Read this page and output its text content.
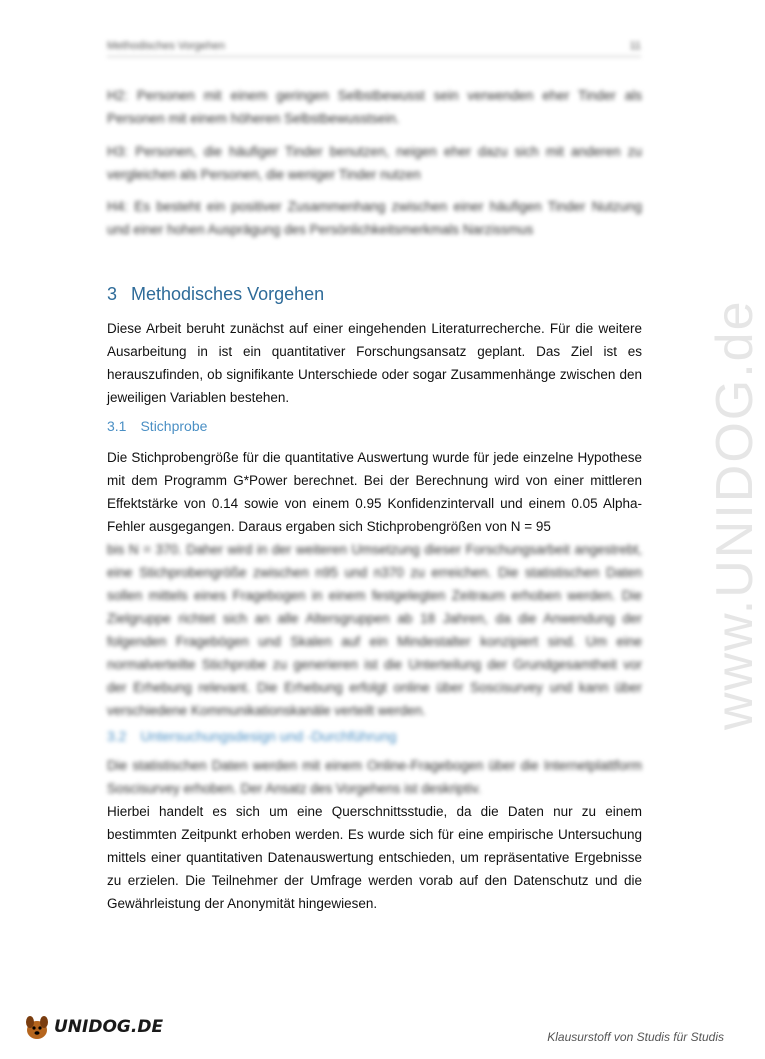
Methodisches Vorgehen	11
H2: Personen mit einem geringen Selbstbewusst sein verwenden eher Tinder als Personen mit einem höheren Selbstbewusstsein.
H3: Personen, die häufiger Tinder benutzen, neigen eher dazu sich mit anderen zu vergleichen als Personen, die weniger Tinder nutzen
H4: Es besteht ein positiver Zusammenhang zwischen einer häufigen Tinder Nutzung und einer hohen Ausprägung des Persönlichkeitsmerkmals Narzissmus
3 Methodisches Vorgehen
Diese Arbeit beruht zunächst auf einer eingehenden Literaturrecherche. Für die weitere Ausarbeitung in ist ein quantitativer Forschungsansatz geplant. Das Ziel ist es herauszufinden, ob signifikante Unterschiede oder sogar Zusammenhänge zwischen den jeweiligen Variablen bestehen.
3.1 Stichprobe
Die Stichprobengröße für die quantitative Auswertung wurde für jede einzelne Hypothese mit dem Programm G*Power berechnet. Bei der Berechnung wird von einer mittleren Effektstärke von 0.14 sowie von einem 0.95 Konfidenzintervall und einem 0.05 Alpha-Fehler ausgegangen. Daraus ergaben sich Stichprobengrößen von N = 95
bis N = 370. Daher wird in der weiteren Umsetzung dieser Forschungsarbeit angestrebt, eine Stichprobengröße zwischen n95 und n370 zu erreichen. Die statistischen Daten sollen mittels eines Fragebogen in einem festgelegten Zeitraum erhoben werden. Die Zielgruppe richtet sich an alle Altersgruppen ab 18 Jahren, da die Anwendung der folgenden Fragebögen und Skalen auf ein Mindestalter konzipiert sind. Um eine normalverteilte Stichprobe zu generieren ist die Unterteilung der Grundgesamtheit vor der Erhebung relevant. Die Erhebung erfolgt online über Soscisurvey und kann über verschiedene Kommunikationskanäle verteilt werden.
3.2 Untersuchungsdesign und -Durchführung
Die statistischen Daten werden mit einem Online-Fragebogen über die Internetplattform Soscisurvey erhoben. Der Ansatz des Vorgehens ist deskriptiv.
Hierbei handelt es sich um eine Querschnittsstudie, da die Daten nur zu einem bestimmten Zeitpunkt erhoben werden. Es wurde sich für eine empirische Untersuchung mittels einer quantitativen Datenauswertung entschieden, um repräsentative Ergebnisse zu erzielen. Die Teilnehmer der Umfrage werden vorab auf den Datenschutz und die Gewährleistung der Anonymität hingewiesen.
www.UNIDOG.de
UNIDOG.DE	Klausurstoff von Studis für Studis
